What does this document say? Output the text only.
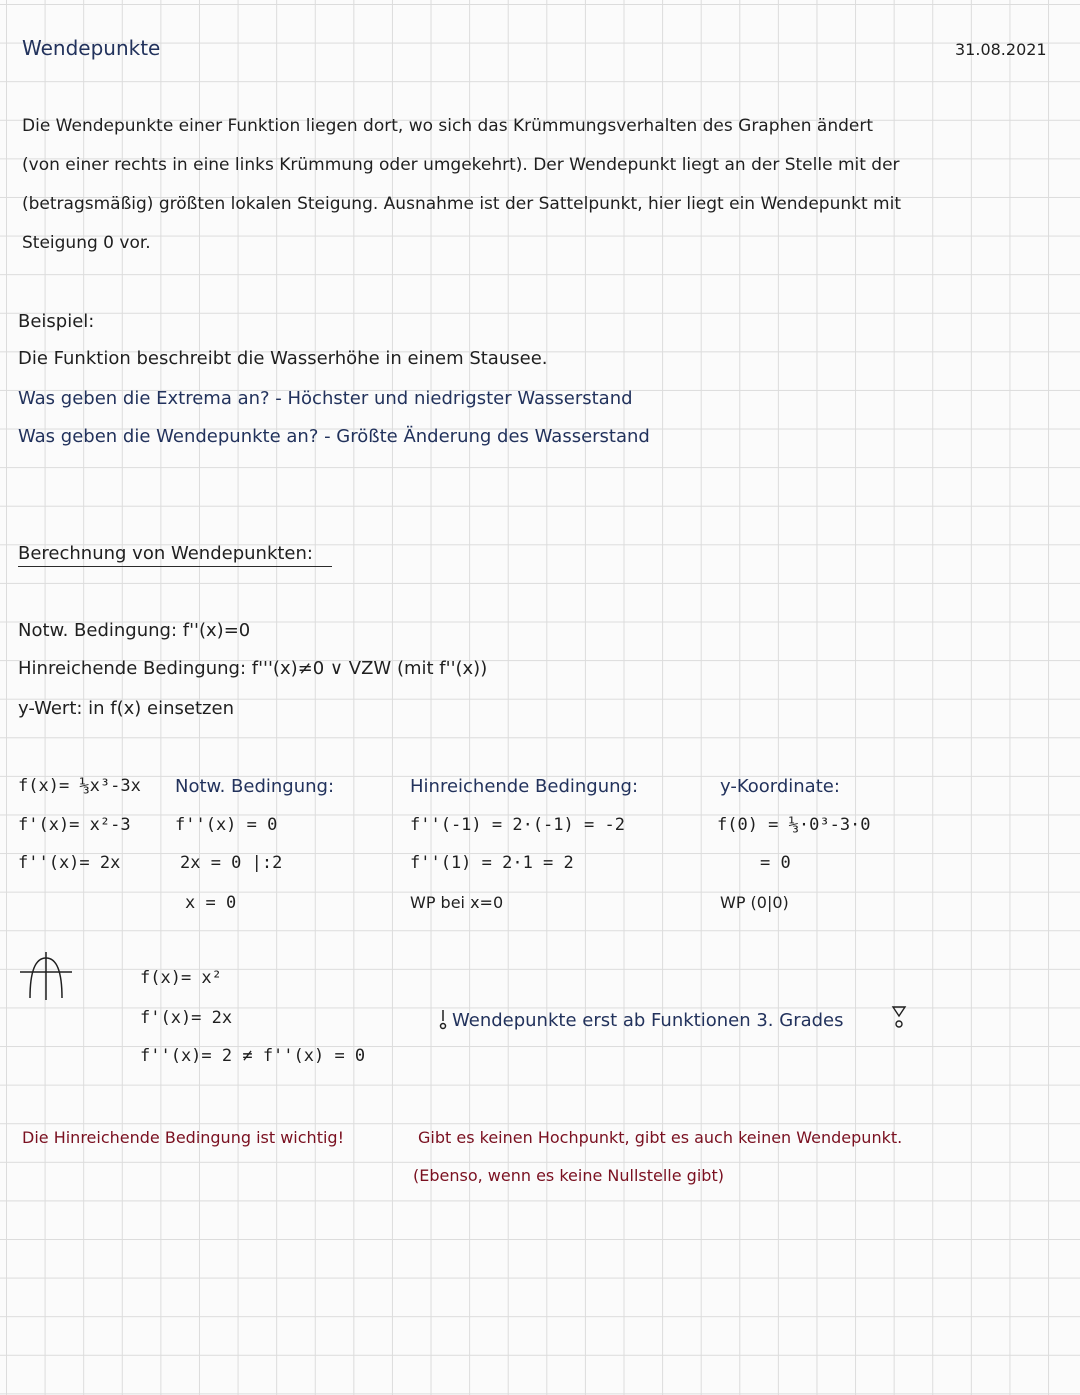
Wendepunkte	31.08.2021
Die Wendepunkte einer Funktion liegen dort, wo sich das Krümmungsverhalten des Graphen ändert
(von einer rechts in eine links Krümmung oder umgekehrt). Der Wendepunkt liegt an der Stelle mit der
(betragsmäßig) größten lokalen Steigung. Ausnahme ist der Sattelpunkt, hier liegt ein Wendepunkt mit
Steigung 0 vor.
Beispiel:
Die Funktion beschreibt die Wasserhöhe in einem Stausee.
Was geben die Extrema an? - Höchster und niedrigster Wasserstand
Was geben die Wendepunkte an? - Größte Änderung des Wasserstand
Berechnung von Wendepunkten:
Notw. Bedingung: f''(x)=0
Hinreichende Bedingung: f'''(x)≠0 ∨ VZW (mit f''(x))
y-Wert: in f(x) einsetzen
f(x)= ⅓x³-3x
f'(x)= x²-3
f''(x)= 2x
Notw. Bedingung:
f''(x) = 0
2x = 0 |:2
x = 0
Hinreichende Bedingung:
f''(-1) = 2·(-1) = -2
f''(1) = 2·1 = 2
WP bei x=0
y-Koordinate:
f(0) = ⅓·0³-3·0
= 0
WP (0|0)
f(x)= x²
f'(x)= 2x
f''(x)= 2 ≠ f''(x) = 0
Wendepunkte erst ab Funktionen 3. Grades
Die Hinreichende Bedingung ist wichtig!	Gibt es keinen Hochpunkt, gibt es auch keinen Wendepunkt.
(Ebenso, wenn es keine Nullstelle gibt)
